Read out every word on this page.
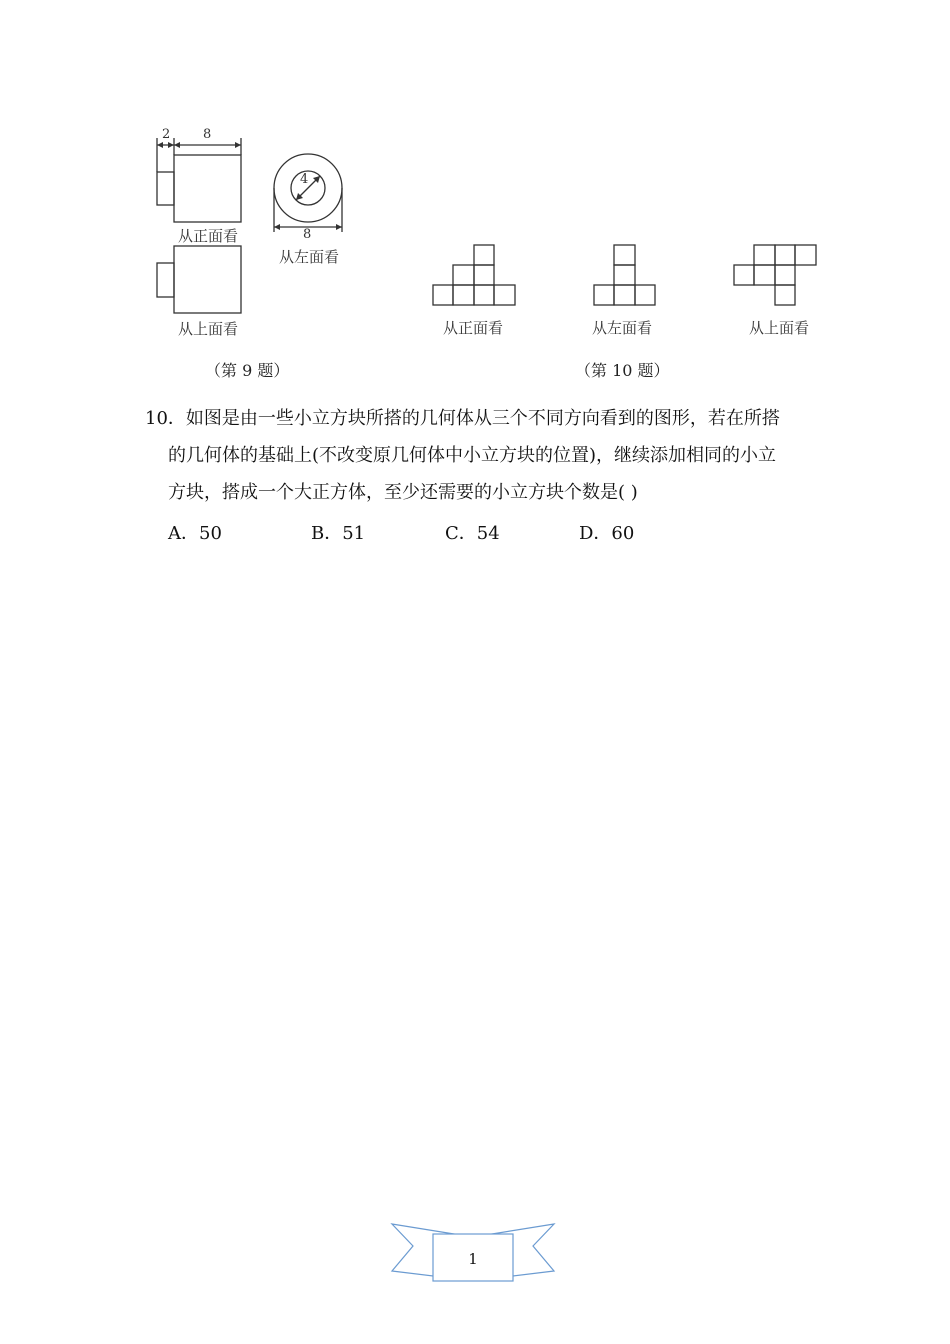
2	8
4
8
从正面看
从左面看
从上面看
（第 9 题）
从正面看	从左面看	从上面看
（第 10 题）
10．如图是由一些小立方块所搭的几何体从三个不同方向看到的图形，若在所搭
的几何体的基础上(不改变原几何体中小立方块的位置)，继续添加相同的小立
方块，搭成一个大正方体，至少还需要的小立方块个数是( )
A．50	B．51	C．54	D．60
1
